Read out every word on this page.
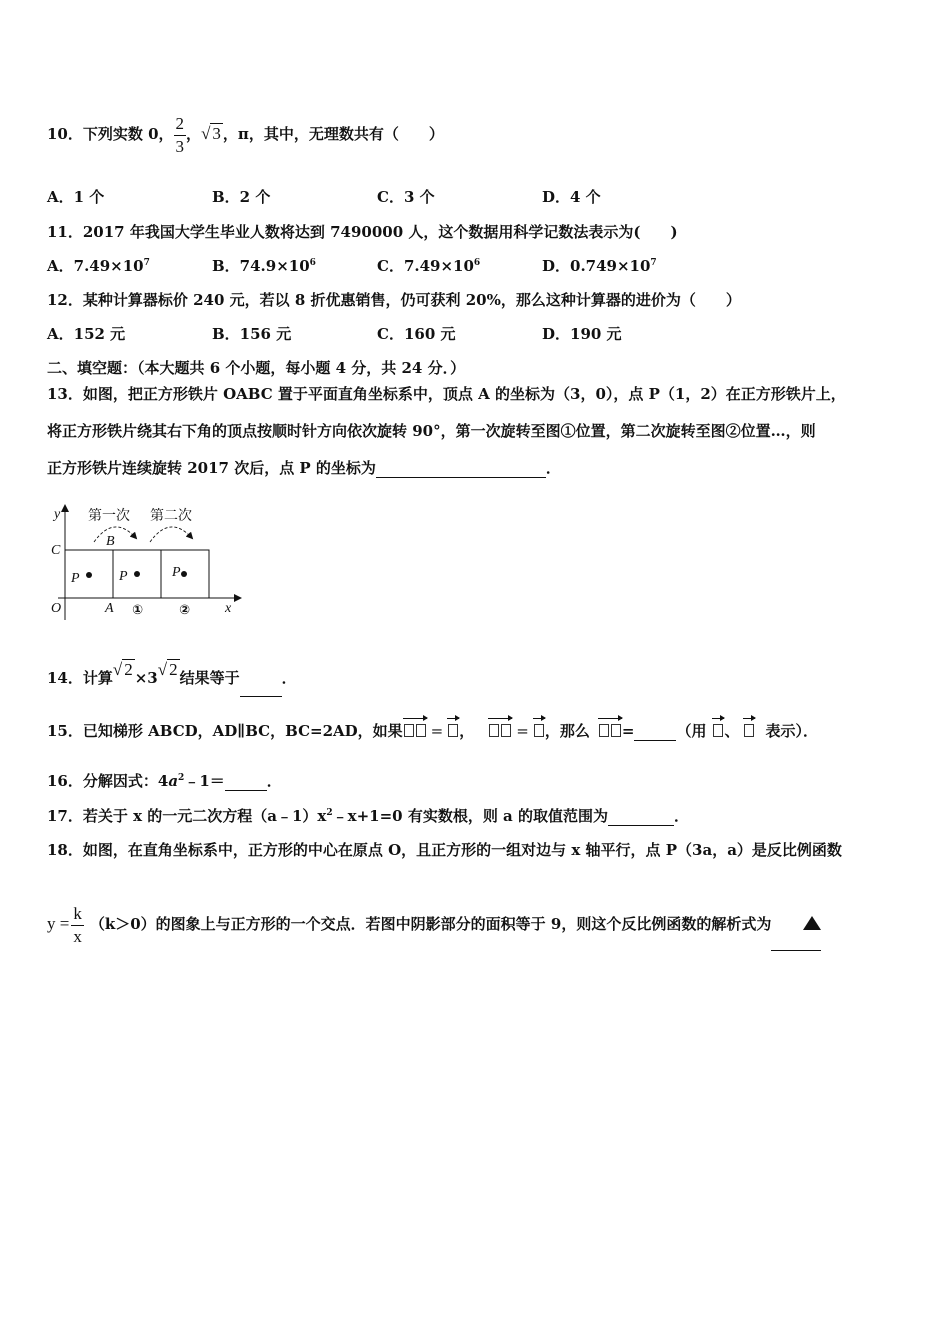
10．下列实数 0， $\frac{2}{3}$ ，√ 3 ，π，其中，无理数共有（　　）
A．1 个	B．2 个	C．3 个	D．4 个
11．2017 年我国大学生毕业人数将达到 7490000 人，这个数据用科学记数法表示为(　　)
A．$7.49\times 10^7$	B．$74.9\times 10^6$	C．$7.49\times 10^6$	D．$0.749\times 10^7$
12．某种计算器标价 240 元，若以 8 折优惠销售，仍可获利 20%，那么这种计算器的进价为（　　）
A．152 元	B．156 元	C．160 元	D．190 元
二、填空题：（本大题共 6 个小题，每小题 4 分，共 24 分．）
13．如图，把正方形铁片 OABC 置于平面直角坐标系中，顶点 A 的坐标为（3，0），点 P（1，2）在正方形铁片上，
将正方形铁片绕其右下角的顶点按顺时针方向依次旋转 90°，第一次旋转至图①位置，第二次旋转至图②位置…，则
正方形铁片连续旋转 2017 次后，点 P 的坐标为	．
第一次 第二次
y
x
C
O	A
B
P	P	P
①	②
14．计算√ 2 ×3√ 2 结果等于	．
15．已知梯形 ABCD，AD∥BC，BC=2AD，如果 = ，	= ，那么 =	（用 、 表示）．
16．分解因式：$4a^2﹣1=$	．
17．若关于 x 的一元二次方程$(a﹣1)x^2﹣x+1=0$ 有实数根，则 a 的取值范围为	．
18．如图，在直角坐标系中，正方形的中心在原点 O，且正方形的一组对边与 x 轴平行，点 P（3a，a）是反比例函数
$y = \frac{k}{x} (k>0)$的图象上与正方形的一个交点．若图中阴影部分的面积等于 9，则这个反比例函数的解析式为
